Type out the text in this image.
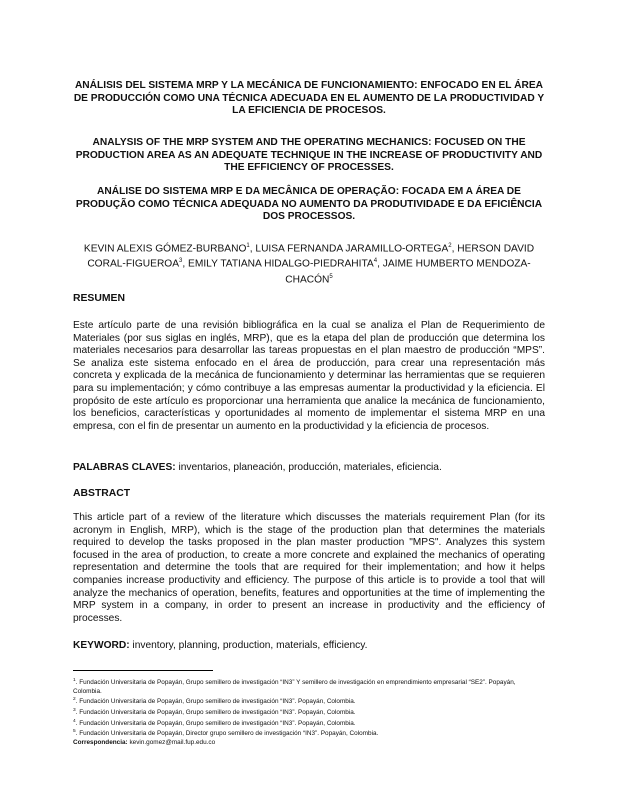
ANÁLISIS DEL SISTEMA MRP Y LA MECÁNICA DE FUNCIONAMIENTO: ENFOCADO EN EL ÁREA DE PRODUCCIÓN COMO UNA TÉCNICA ADECUADA EN EL AUMENTO DE LA PRODUCTIVIDAD Y LA EFICIENCIA DE PROCESOS.

ANALYSIS OF THE MRP SYSTEM AND THE OPERATING MECHANICS: FOCUSED ON THE PRODUCTION AREA AS AN ADEQUATE TECHNIQUE IN THE INCREASE OF PRODUCTIVITY AND THE EFFICIENCY OF PROCESSES.

ANÁLISE DO SISTEMA MRP E DA MECÂNICA DE OPERAÇÃO: FOCADA EM A ÁREA DE PRODUÇÃO COMO TÉCNICA ADEQUADA NO AUMENTO DA PRODUTIVIDADE E DA EFICIÊNCIA DOS PROCESSOS.

KEVIN ALEXIS GÓMEZ-BURBANO$^1$, LUISA FERNANDA JARAMILLO-ORTEGA$^2$, HERSON DAVID CORAL-FIGUEROA$^3$, EMILY TATIANA HIDALGO-PIEDRAHITA$^4$, JAIME HUMBERTO MENDOZA-CHACÓN$^5$

RESUMEN

Este artículo parte de una revisión bibliográfica en la cual se analiza el Plan de Requerimiento de Materiales (por sus siglas en inglés, MRP), que es la etapa del plan de producción que determina los materiales necesarios para desarrollar las tareas propuestas en el plan maestro de producción “MPS”. Se analiza este sistema enfocado en el área de producción, para crear una representación más concreta y explicada de la mecánica de funcionamiento y determinar las herramientas que se requieren para su implementación; y cómo contribuye a las empresas aumentar la productividad y la eficiencia. El propósito de este artículo es proporcionar una herramienta que analice la mecánica de funcionamiento, los beneficios, características y oportunidades al momento de implementar el sistema MRP en una empresa, con el fin de presentar un aumento en la productividad y la eficiencia de procesos.

PALABRAS CLAVES: inventarios, planeación, producción, materiales, eficiencia.

ABSTRACT

This article part of a review of the literature which discusses the materials requirement Plan (for its acronym in English, MRP), which is the stage of the production plan that determines the materials required to develop the tasks proposed in the plan master production "MPS". Analyzes this system focused in the area of production, to create a more concrete and explained the mechanics of operating representation and determine the tools that are required for their implementation; and how it helps companies increase productivity and efficiency. The purpose of this article is to provide a tool that will analyze the mechanics of operation, benefits, features and opportunities at the time of implementing the MRP system in a company, in order to present an increase in productivity and the efficiency of processes.

KEYWORD: inventory, planning, production, materials, efficiency.

$^1$. Fundación Universitaria de Popayán, Grupo semillero de investigación “IN3” Y semillero de investigación en emprendimiento empresarial “SE2”. Popayán, Colombia.

$^2$. Fundación Universitaria de Popayán, Grupo semillero de investigación “IN3”. Popayán, Colombia.

$^3$. Fundación Universitaria de Popayán, Grupo semillero de investigación “IN3”. Popayán, Colombia.

$^4$. Fundación Universitaria de Popayán, Grupo semillero de investigación “IN3”. Popayán, Colombia.

$^5$. Fundación Universitaria de Popayán, Director grupo semillero de investigación “IN3”. Popayán, Colombia.

Correspondencia: kevin.gomez@mail.fup.edu.co
